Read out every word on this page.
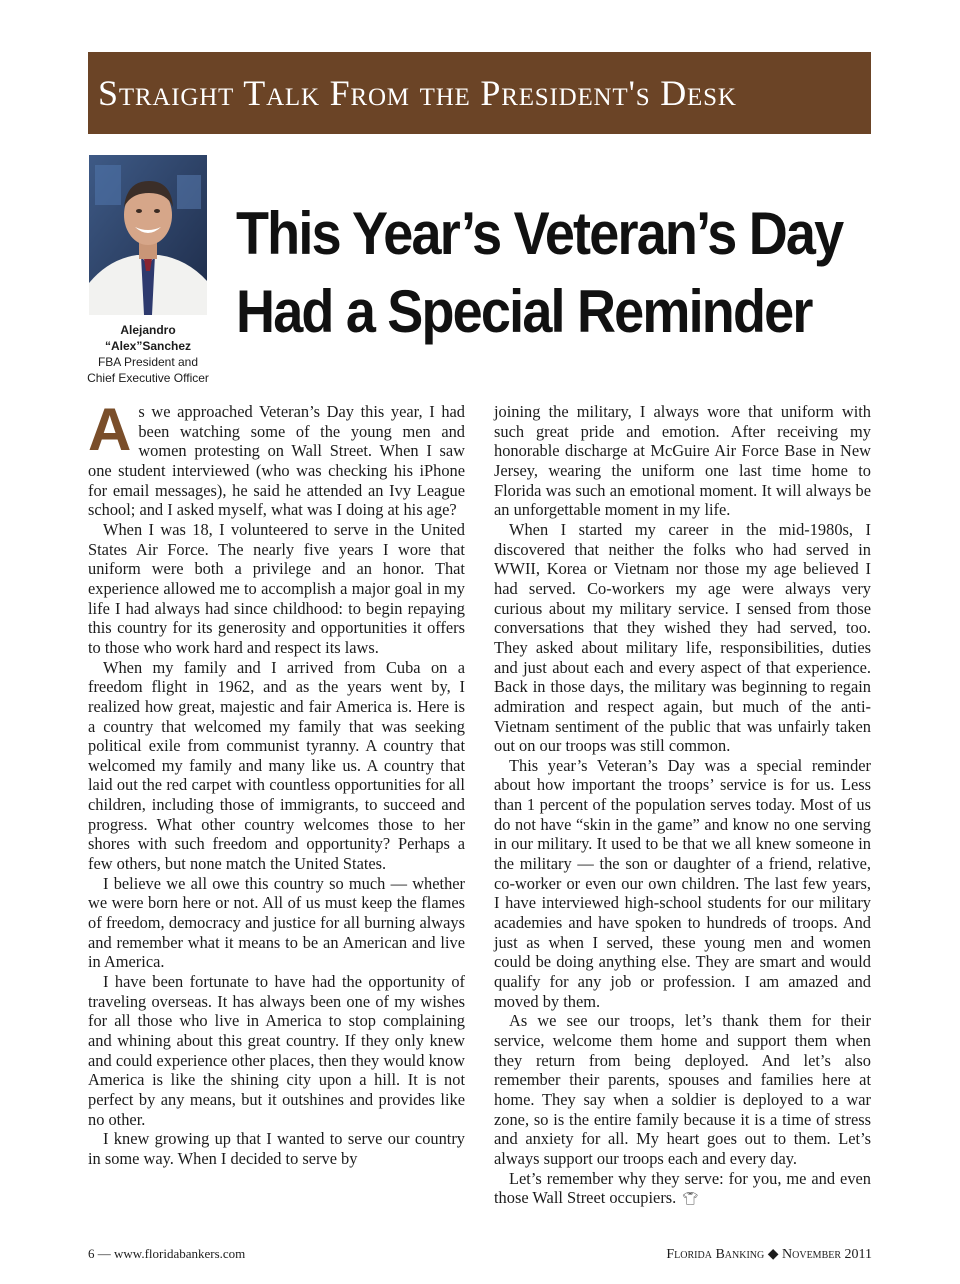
Straight Talk From the President's Desk
Alejandro
“Alex”Sanchez
FBA President and
Chief Executive Officer
This Year’s Veteran’s Day
Had a Special Reminder

As we approached Veteran’s Day this year, I had been watching some of the young men and women protesting on Wall Street. When I saw one student interviewed (who was checking his iPhone for email messages), he said he attended an Ivy League school; and I asked myself, what was I doing at his age?

When I was 18, I volunteered to serve in the United States Air Force. The nearly five years I wore that uniform were both a privilege and an honor. That experience allowed me to accomplish a major goal in my life I had always had since childhood: to begin repaying this country for its generosity and opportunities it offers to those who work hard and respect its laws.

When my family and I arrived from Cuba on a freedom flight in 1962, and as the years went by, I realized how great, majestic and fair America is. Here is a country that welcomed my family that was seeking political exile from communist tyranny. A country that welcomed my family and many like us. A country that laid out the red carpet with countless opportunities for all children, including those of immigrants, to succeed and progress. What other country welcomes those to her shores with such freedom and opportunity? Perhaps a few others, but none match the United States.

I believe we all owe this country so much — whether we were born here or not. All of us must keep the flames of freedom, democracy and justice for all burning always and remember what it means to be an American and live in America.

I have been fortunate to have had the opportunity of traveling overseas. It has always been one of my wishes for all those who live in America to stop complaining and whining about this great country. If they only knew and could experience other places, then they would know America is like the shining city upon a hill. It is not perfect by any means, but it outshines and provides like no other.

I knew growing up that I wanted to serve our country in some way. When I decided to serve by

joining the military, I always wore that uniform with such great pride and emotion. After receiving my honorable discharge at McGuire Air Force Base in New Jersey, wearing the uniform one last time home to Florida was such an emotional moment. It will always be an unforgettable moment in my life.

When I started my career in the mid-1980s, I discovered that neither the folks who had served in WWII, Korea or Vietnam nor those my age believed I had served. Co-workers my age were always very curious about my military service. I sensed from those conversations that they wished they had served, too. They asked about military life, responsibilities, duties and just about each and every aspect of that experience. Back in those days, the military was beginning to regain admiration and respect again, but much of the anti-Vietnam sentiment of the public that was unfairly taken out on our troops was still common.

This year’s Veteran’s Day was a special reminder about how important the troops’ service is for us. Less than 1 percent of the population serves today. Most of us do not have “skin in the game” and know no one serving in our military. It used to be that we all knew someone in the military — the son or daughter of a friend, relative, co-worker or even our own children. The last few years, I have interviewed high-school students for our military academies and have spoken to hundreds of troops. And just as when I served, these young men and women could be doing anything else. They are smart and would qualify for any job or profession. I am amazed and moved by them.

As we see our troops, let’s thank them for their service, welcome them home and support them when they return from being deployed. And let’s also remember their parents, spouses and families here at home. They say when a soldier is deployed to a war zone, so is the entire family because it is a time of stress and anxiety for all. My heart goes out to them. Let’s always support our troops each and every day.

Let’s remember why they serve: for you, me and even those Wall Street occupiers. 👕︎

6 — www.floridabankers.com	Florida Banking ◆ November 2011
